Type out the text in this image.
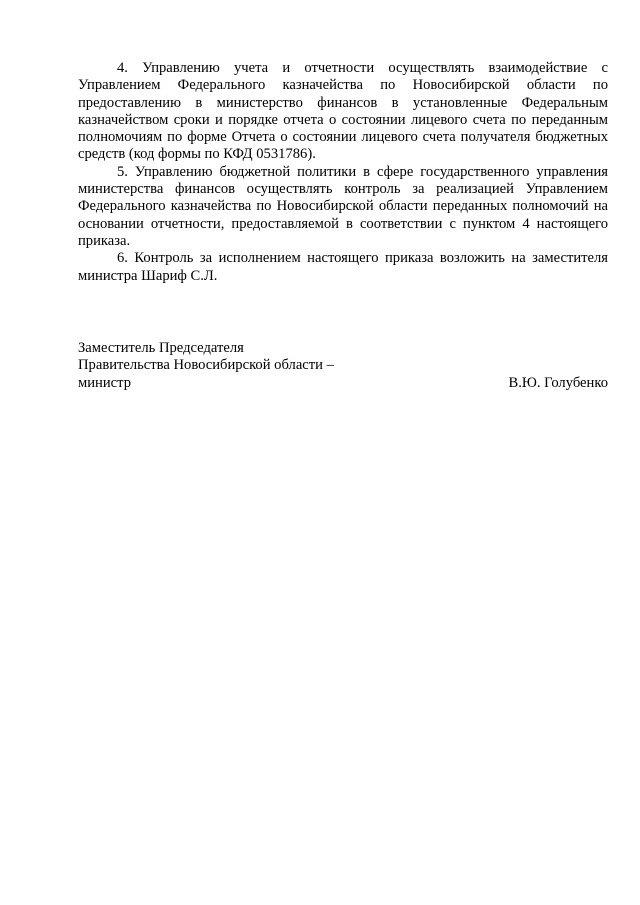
4. Управлению учета и отчетности осуществлять взаимодействие с Управлением Федерального казначейства по Новосибирской области по предоставлению в министерство финансов в установленные Федеральным казначейством сроки и порядке отчета о состоянии лицевого счета по переданным полномочиям по форме Отчета о состоянии лицевого счета получателя бюджетных средств (код формы по КФД 0531786).

5. Управлению бюджетной политики в сфере государственного управления министерства финансов осуществлять контроль за реализацией Управлением Федерального казначейства по Новосибирской области переданных полномочий на основании отчетности, предоставляемой в соответствии с пунктом 4 настоящего приказа.

6. Контроль за исполнением настоящего приказа возложить на заместителя министра Шариф С.Л.

Заместитель Председателя

Правительства Новосибирской области –

министр	В.Ю. Голубенко
